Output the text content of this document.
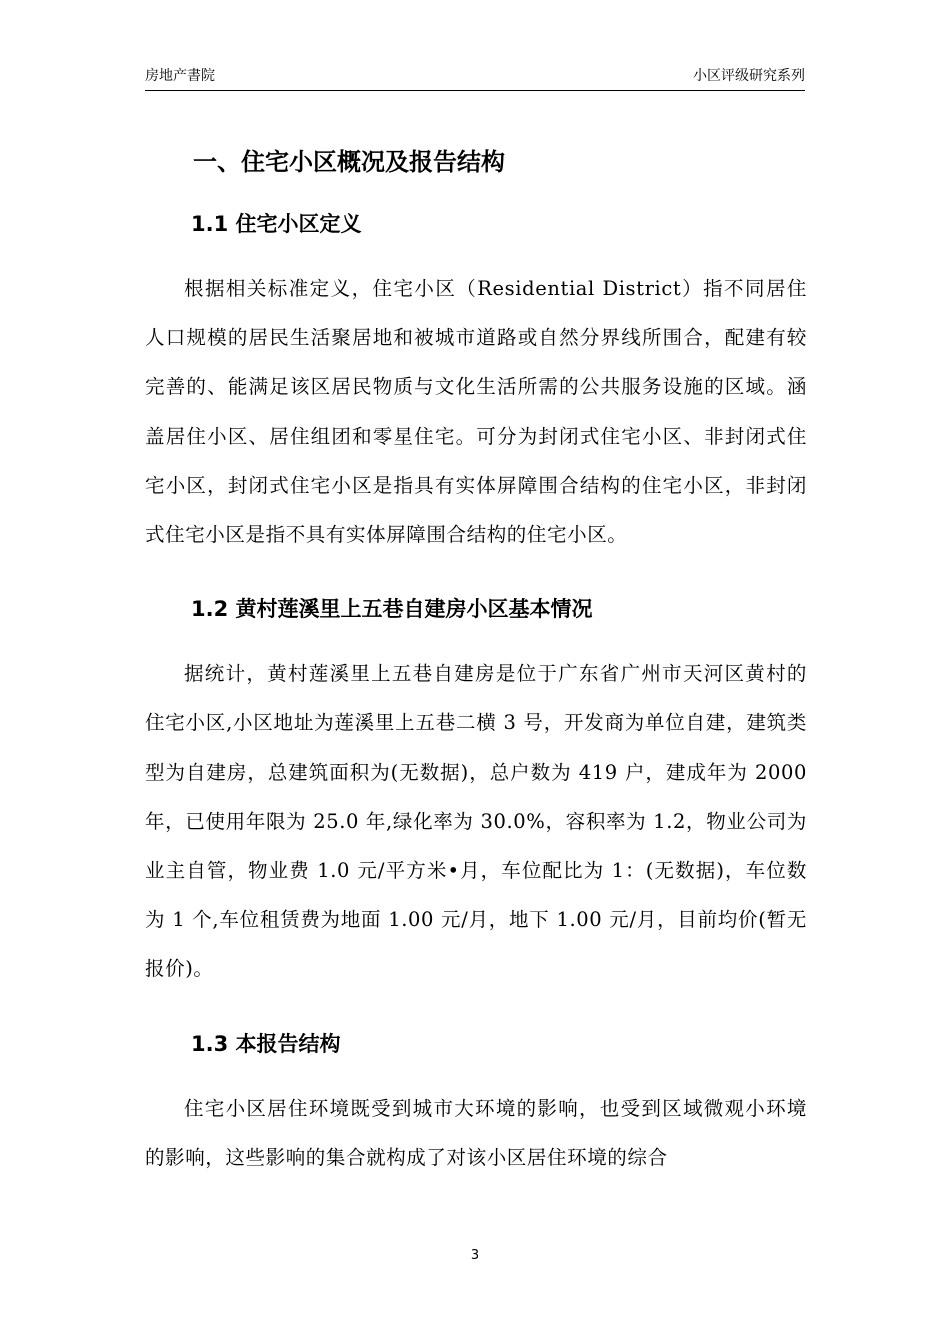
房地产書院	小区评级研究系列
一、住宅小区概况及报告结构
1.1 住宅小区定义

根据相关标准定义，住宅小区（Residential District）指不同居住人口规模的居民生活聚居地和被城市道路或自然分界线所围合，配建有较完善的、能满足该区居民物质与文化生活所需的公共服务设施的区域。涵盖居住小区、居住组团和零星住宅。可分为封闭式住宅小区、非封闭式住宅小区，封闭式住宅小区是指具有实体屏障围合结构的住宅小区，非封闭式住宅小区是指不具有实体屏障围合结构的住宅小区。

1.2 黄村莲溪里上五巷自建房小区基本情况

据统计，黄村莲溪里上五巷自建房是位于广东省广州市天河区黄村的住宅小区,小区地址为莲溪里上五巷二横 3 号，开发商为单位自建，建筑类型为自建房，总建筑面积为(无数据)，总户数为 419 户，建成年为 2000 年，已使用年限为 25.0 年,绿化率为 30.0%，容积率为 1.2，物业公司为业主自管，物业费 1.0 元/平方米•月，车位配比为 1：(无数据)，车位数为 1 个,车位租赁费为地面 1.00 元/月，地下 1.00 元/月，目前均价(暂无报价)。

1.3 本报告结构

住宅小区居住环境既受到城市大环境的影响，也受到区域微观小环境的影响，这些影响的集合就构成了对该小区居住环境的综合

3
